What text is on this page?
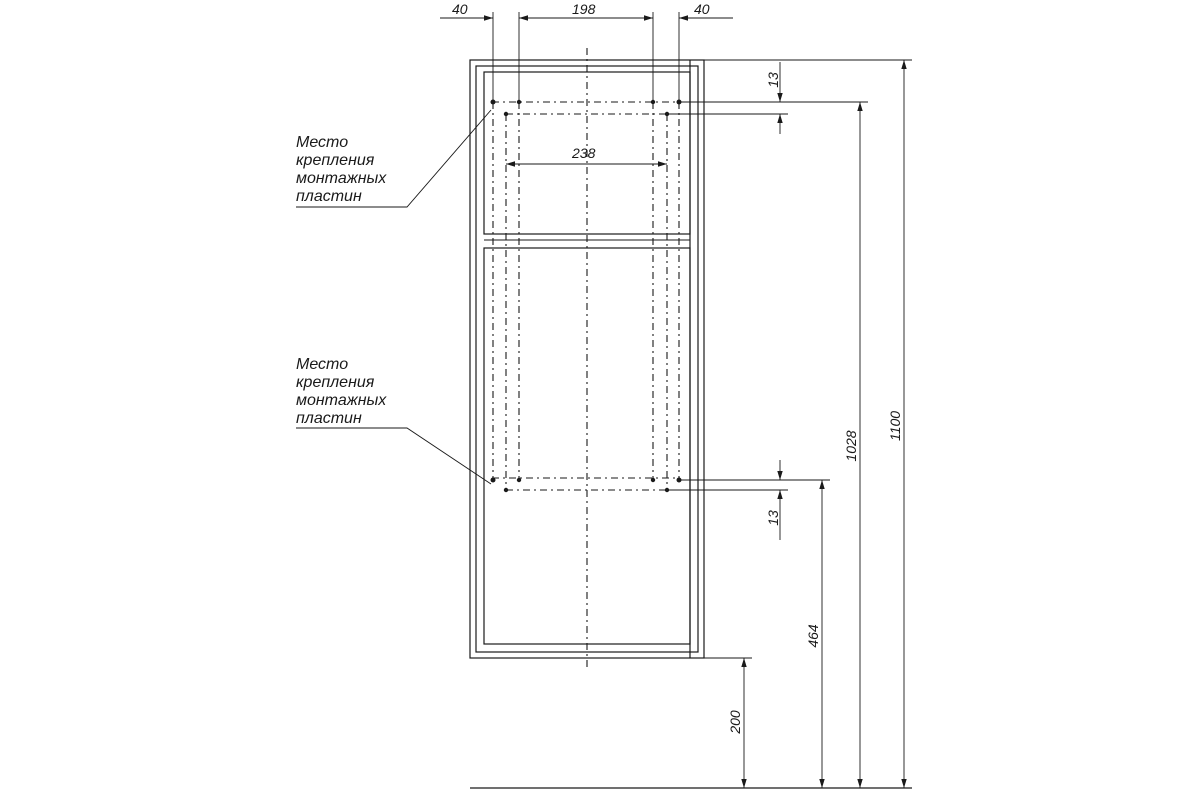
40	198	40
238
13
13
1028
1100
464
200
Место
крепления
монтажных
пластин
Место
крепления
монтажных
пластин
